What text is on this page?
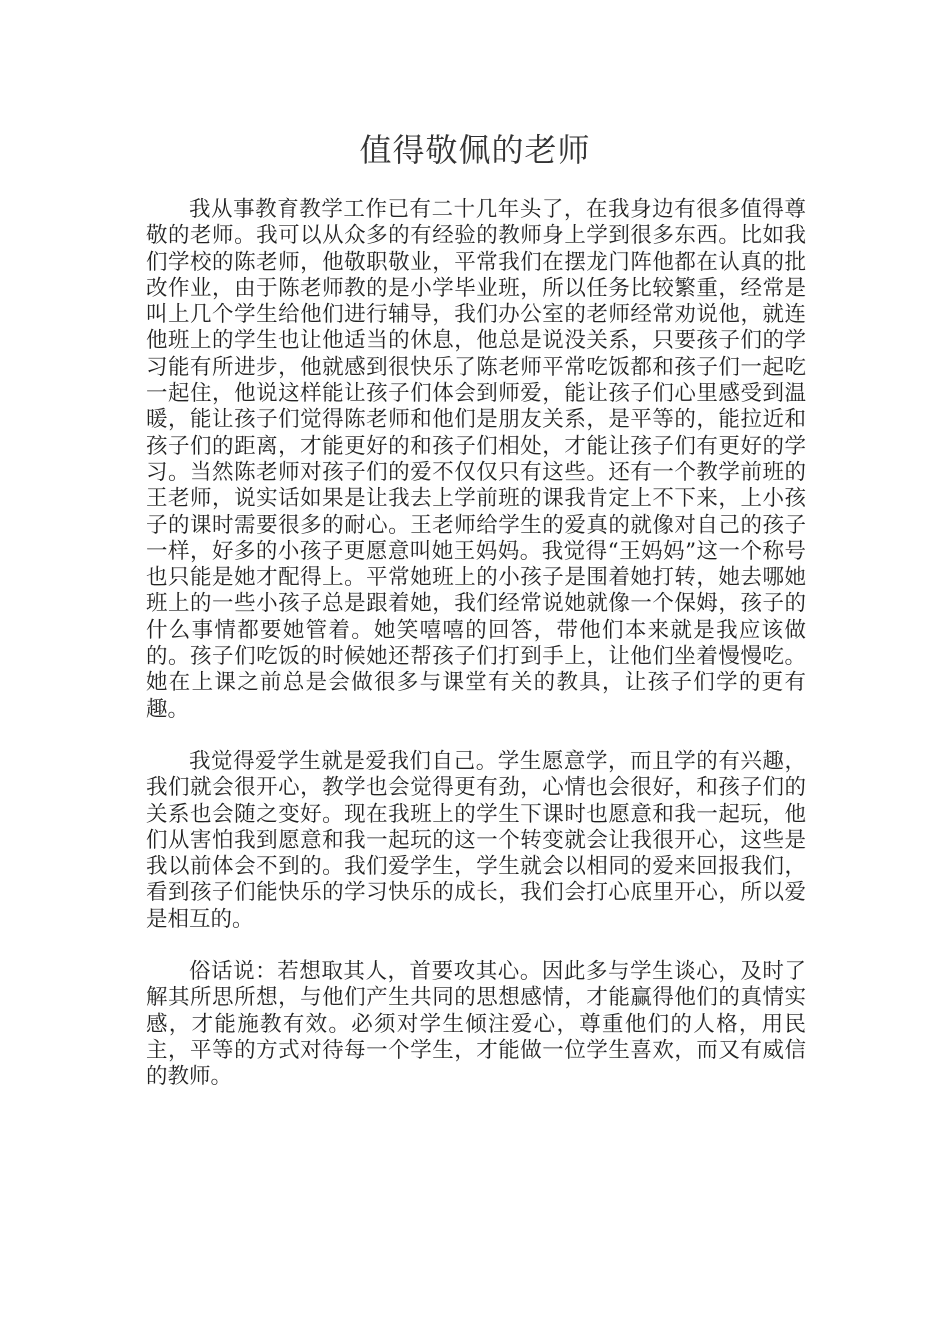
值得敬佩的老师

我从事教育教学工作已有二十几年头了，在我身边有很多值得尊敬的老师。我可以从众多的有经验的教师身上学到很多东西。比如我们学校的陈老师，他敬职敬业，平常我们在摆龙门阵他都在认真的批改作业，由于陈老师教的是小学毕业班，所以任务比较繁重，经常是叫上几个学生给他们进行辅导，我们办公室的老师经常劝说他，就连他班上的学生也让他适当的休息，他总是说没关系，只要孩子们的学习能有所进步，他就感到很快乐了陈老师平常吃饭都和孩子们一起吃一起住，他说这样能让孩子们体会到师爱，能让孩子们心里感受到温暖，能让孩子们觉得陈老师和他们是朋友关系，是平等的，能拉近和孩子们的距离，才能更好的和孩子们相处，才能让孩子们有更好的学习。当然陈老师对孩子们的爱不仅仅只有这些。还有一个教学前班的王老师，说实话如果是让我去上学前班的课我肯定上不下来，上小孩子的课时需要很多的耐心。王老师给学生的爱真的就像对自己的孩子一样，好多的小孩子更愿意叫她王妈妈。我觉得“王妈妈”这一个称号也只能是她才配得上。平常她班上的小孩子是围着她打转，她去哪她班上的一些小孩子总是跟着她，我们经常说她就像一个保姆，孩子的什么事情都要她管着。她笑嘻嘻的回答，带他们本来就是我应该做的。孩子们吃饭的时候她还帮孩子们打到手上，让他们坐着慢慢吃。她在上课之前总是会做很多与课堂有关的教具，让孩子们学的更有趣。

我觉得爱学生就是爱我们自己。学生愿意学，而且学的有兴趣，我们就会很开心，教学也会觉得更有劲，心情也会很好，和孩子们的关系也会随之变好。现在我班上的学生下课时也愿意和我一起玩，他们从害怕我到愿意和我一起玩的这一个转变就会让我很开心，这些是我以前体会不到的。我们爱学生，学生就会以相同的爱来回报我们，看到孩子们能快乐的学习快乐的成长，我们会打心底里开心，所以爱是相互的。

俗话说：若想取其人，首要攻其心。因此多与学生谈心，及时了解其所思所想，与他们产生共同的思想感情，才能赢得他们的真情实感，才能施教有效。必须对学生倾注爱心，尊重他们的人格，用民主，平等的方式对待每一个学生，才能做一位学生喜欢，而又有威信的教师。
